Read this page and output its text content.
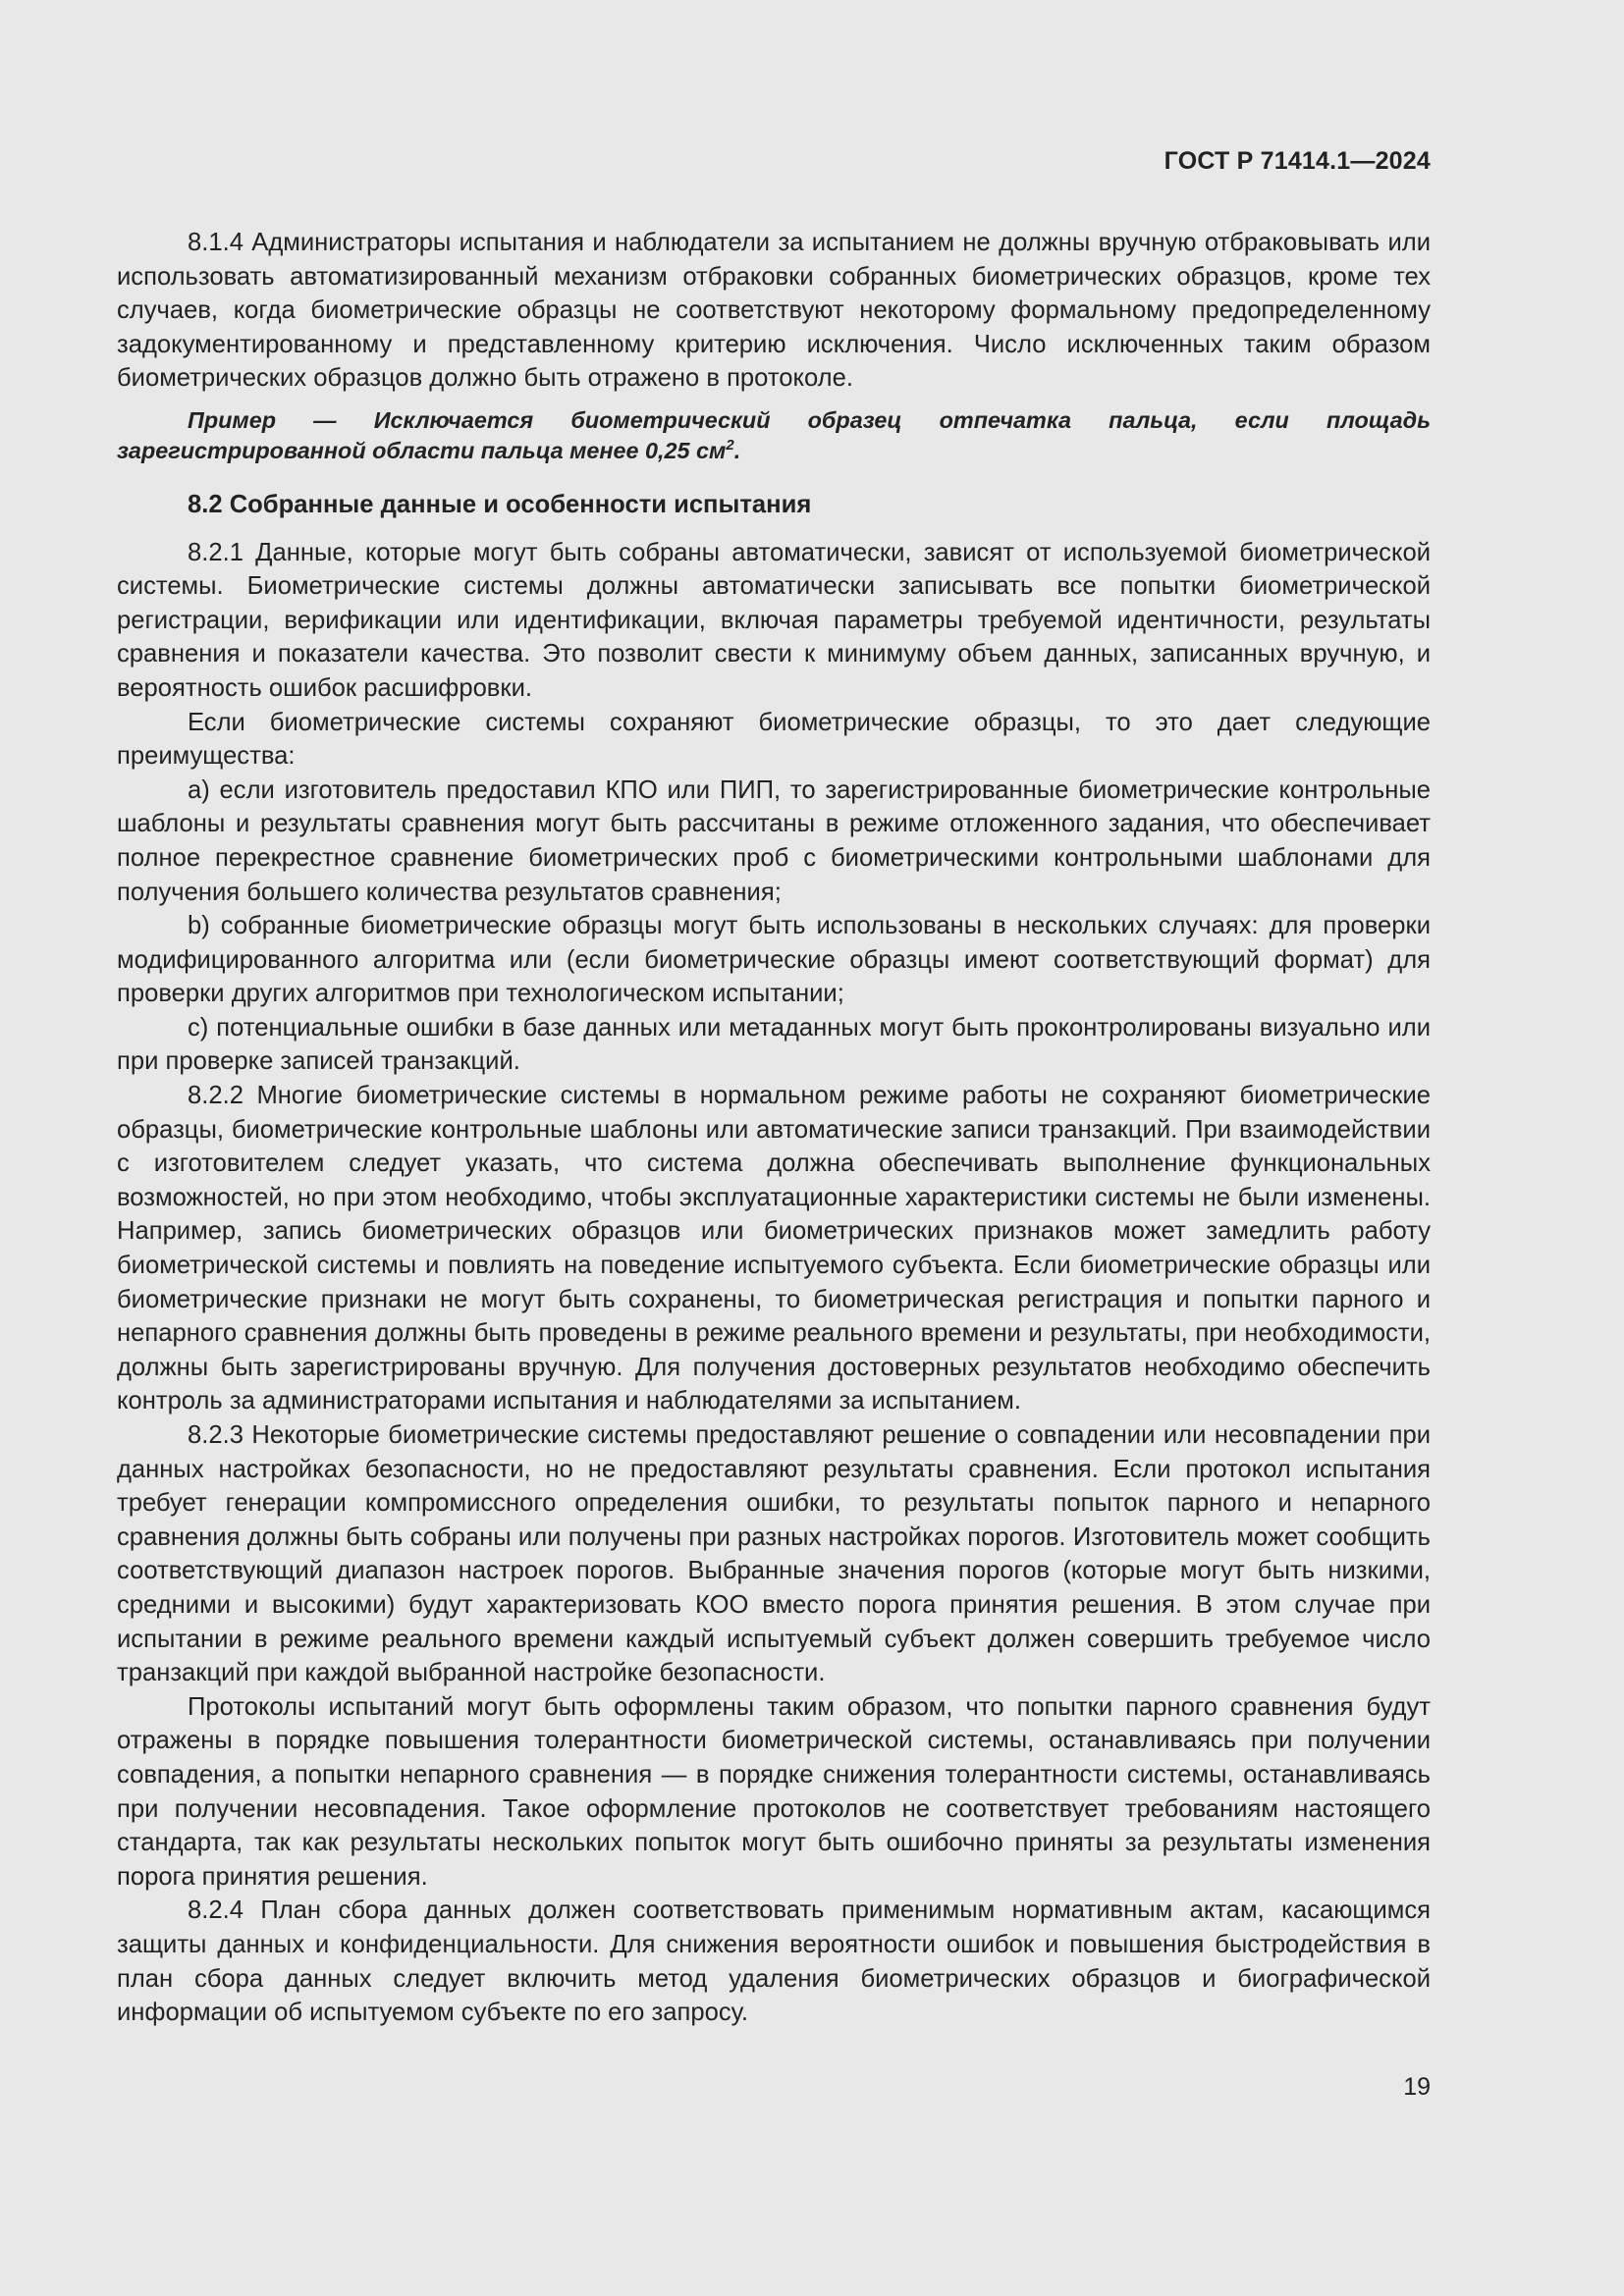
ГОСТ Р 71414.1—2024

8.1.4 Администраторы испытания и наблюдатели за испытанием не должны вручную отбраковывать или использовать автоматизированный механизм отбраковки собранных биометрических образцов, кроме тех случаев, когда биометрические образцы не соответствуют некоторому формальному предопределенному задокументированному и представленному критерию исключения. Число исключенных таким образом биометрических образцов должно быть отражено в протоколе.

Пример — Исключается биометрический образец отпечатка пальца, если площадь зарегистрированной области пальца менее 0,25 $см^2$.

8.2 Собранные данные и особенности испытания

8.2.1 Данные, которые могут быть собраны автоматически, зависят от используемой биометрической системы. Биометрические системы должны автоматически записывать все попытки биометрической регистрации, верификации или идентификации, включая параметры требуемой идентичности, результаты сравнения и показатели качества. Это позволит свести к минимуму объем данных, записанных вручную, и вероятность ошибок расшифровки.

Если биометрические системы сохраняют биометрические образцы, то это дает следующие преимущества:

а) если изготовитель предоставил КПО или ПИП, то зарегистрированные биометрические контрольные шаблоны и результаты сравнения могут быть рассчитаны в режиме отложенного задания, что обеспечивает полное перекрестное сравнение биометрических проб с биометрическими контрольными шаблонами для получения большего количества результатов сравнения;

b) собранные биометрические образцы могут быть использованы в нескольких случаях: для проверки модифицированного алгоритма или (если биометрические образцы имеют соответствующий формат) для проверки других алгоритмов при технологическом испытании;

c) потенциальные ошибки в базе данных или метаданных могут быть проконтролированы визуально или при проверке записей транзакций.

8.2.2 Многие биометрические системы в нормальном режиме работы не сохраняют биометрические образцы, биометрические контрольные шаблоны или автоматические записи транзакций. При взаимодействии с изготовителем следует указать, что система должна обеспечивать выполнение функциональных возможностей, но при этом необходимо, чтобы эксплуатационные характеристики системы не были изменены. Например, запись биометрических образцов или биометрических признаков может замедлить работу биометрической системы и повлиять на поведение испытуемого субъекта. Если биометрические образцы или биометрические признаки не могут быть сохранены, то биометрическая регистрация и попытки парного и непарного сравнения должны быть проведены в режиме реального времени и результаты, при необходимости, должны быть зарегистрированы вручную. Для получения достоверных результатов необходимо обеспечить контроль за администраторами испытания и наблюдателями за испытанием.

8.2.3 Некоторые биометрические системы предоставляют решение о совпадении или несовпадении при данных настройках безопасности, но не предоставляют результаты сравнения. Если протокол испытания требует генерации компромиссного определения ошибки, то результаты попыток парного и непарного сравнения должны быть собраны или получены при разных настройках порогов. Изготовитель может сообщить соответствующий диапазон настроек порогов. Выбранные значения порогов (которые могут быть низкими, средними и высокими) будут характеризовать КОО вместо порога принятия решения. В этом случае при испытании в режиме реального времени каждый испытуемый субъект должен совершить требуемое число транзакций при каждой выбранной настройке безопасности.

Протоколы испытаний могут быть оформлены таким образом, что попытки парного сравнения будут отражены в порядке повышения толерантности биометрической системы, останавливаясь при получении совпадения, а попытки непарного сравнения — в порядке снижения толерантности системы, останавливаясь при получении несовпадения. Такое оформление протоколов не соответствует требованиям настоящего стандарта, так как результаты нескольких попыток могут быть ошибочно приняты за результаты изменения порога принятия решения.

8.2.4 План сбора данных должен соответствовать применимым нормативным актам, касающимся защиты данных и конфиденциальности. Для снижения вероятности ошибок и повышения быстродействия в план сбора данных следует включить метод удаления биометрических образцов и биографической информации об испытуемом субъекте по его запросу.

19
